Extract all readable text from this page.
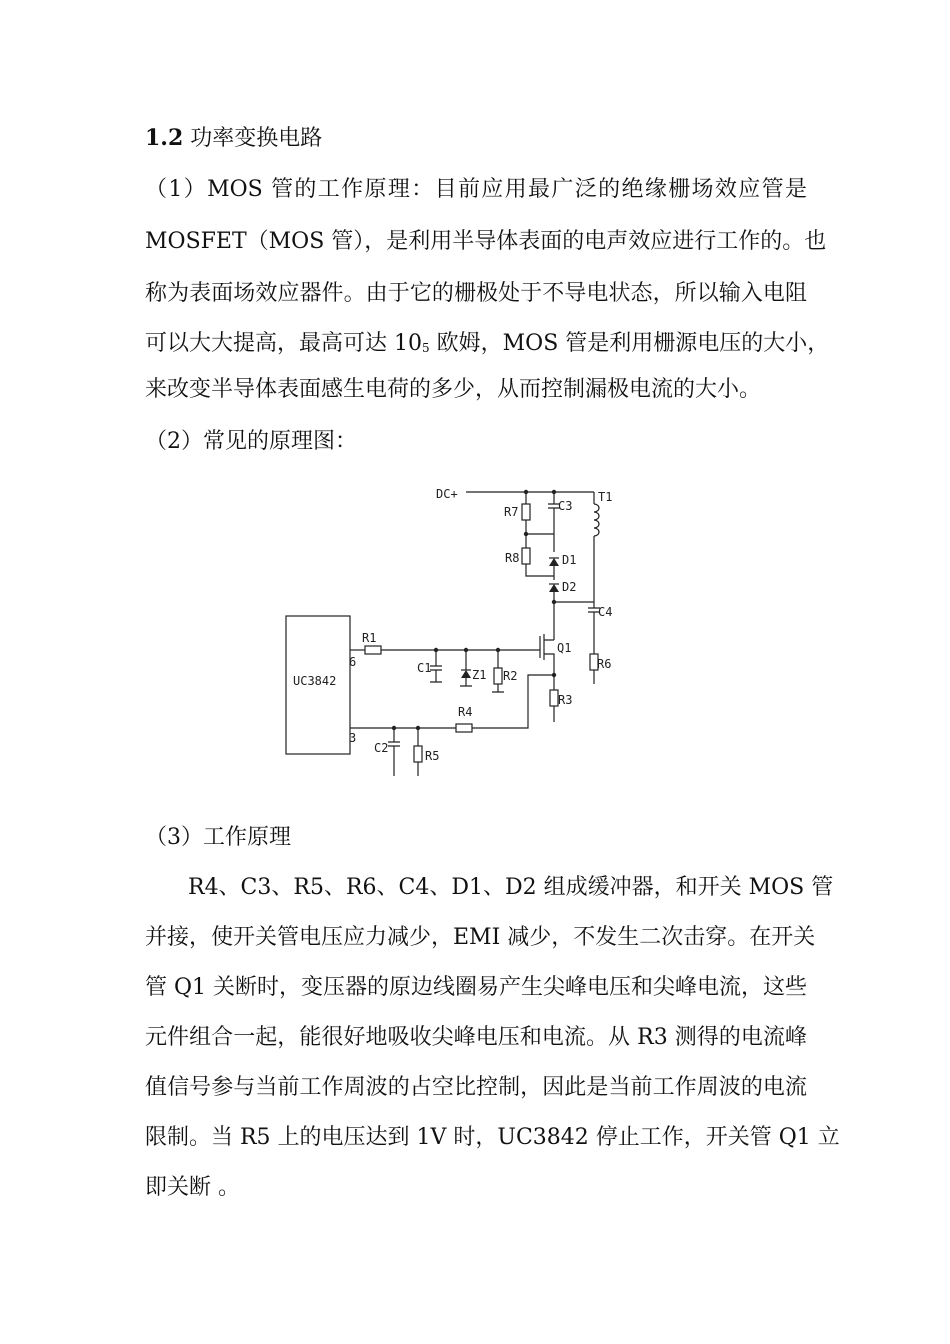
1.2 功率变换电路
（1）MOS 管的工作原理：目前应用最广泛的绝缘栅场效应管是
MOSFET（MOS 管），是利用半导体表面的电声效应进行工作的。也
称为表面场效应器件。由于它的栅极处于不导电状态，所以输入电阻
可以大大提高，最高可达 $10^5$ 欧姆，MOS 管是利用栅源电压的大小，
来改变半导体表面感生电荷的多少，从而控制漏极电流的大小。
（2）常见的原理图：
DC+	T1
R7
R8
C3
D1
D2
C4
R6
Q1
R3
UC3842
6
3
R1
C1	Z1 R2
R4
C2
R5
（3）工作原理
R4、C3、R5、R6、C4、D1、D2 组成缓冲器，和开关 MOS 管
并接，使开关管电压应力减少，EMI 减少，不发生二次击穿。在开关
管 Q1 关断时，变压器的原边线圈易产生尖峰电压和尖峰电流，这些
元件组合一起，能很好地吸收尖峰电压和电流。从 R3 测得的电流峰
值信号参与当前工作周波的占空比控制，因此是当前工作周波的电流
限制。当 R5 上的电压达到 1V 时，UC3842 停止工作，开关管 Q1 立
即关断 。
